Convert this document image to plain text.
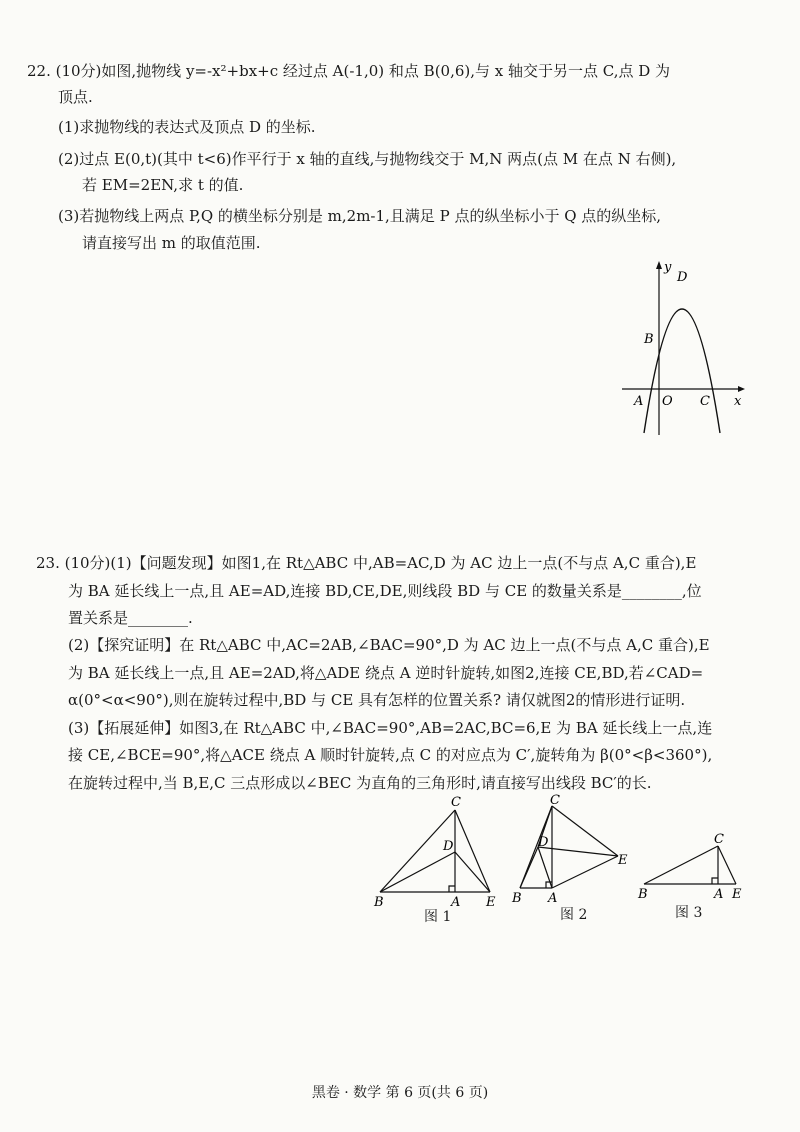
22. (10分)如图,抛物线 y=-x²+bx+c 经过点 A(-1,0) 和点 B(0,6),与 x 轴交于另一点 C,点 D 为
顶点.
(1)求抛物线的表达式及顶点 D 的坐标.
(2)过点 E(0,t)(其中 t<6)作平行于 x 轴的直线,与抛物线交于 M,N 两点(点 M 在点 N 右侧),
若 EM=2EN,求 t 的值.
(3)若抛物线上两点 P,Q 的横坐标分别是 m,2m-1,且满足 P 点的纵坐标小于 Q 点的纵坐标,
请直接写出 m 的取值范围.
y
D
B
A O C x
23. (10分)(1)【问题发现】如图1,在 Rt△ABC 中,AB=AC,D 为 AC 边上一点(不与点 A,C 重合),E
为 BA 延长线上一点,且 AE=AD,连接 BD,CE,DE,则线段 BD 与 CE 的数量关系是________,位
置关系是________.
(2)【探究证明】在 Rt△ABC 中,AC=2AB,∠BAC=90°,D 为 AC 边上一点(不与点 A,C 重合),E
为 BA 延长线上一点,且 AE=2AD,将△ADE 绕点 A 逆时针旋转,如图2,连接 CE,BD,若∠CAD=
α(0°<α<90°),则在旋转过程中,BD 与 CE 具有怎样的位置关系? 请仅就图2的情形进行证明.
(3)【拓展延伸】如图3,在 Rt△ABC 中,∠BAC=90°,AB=2AC,BC=6,E 为 BA 延长线上一点,连
接 CE,∠BCE=90°,将△ACE 绕点 A 顺时针旋转,点 C 的对应点为 C′,旋转角为 β(0°<β<360°),
在旋转过程中,当 B,E,C 三点形成以∠BEC 为直角的三角形时,请直接写出线段 BC′的长.
C
D
B	A E
图 1
C
D
B A
E
图 2
C
B	A E
图 3
黑卷 · 数学 第 6 页(共 6 页)
